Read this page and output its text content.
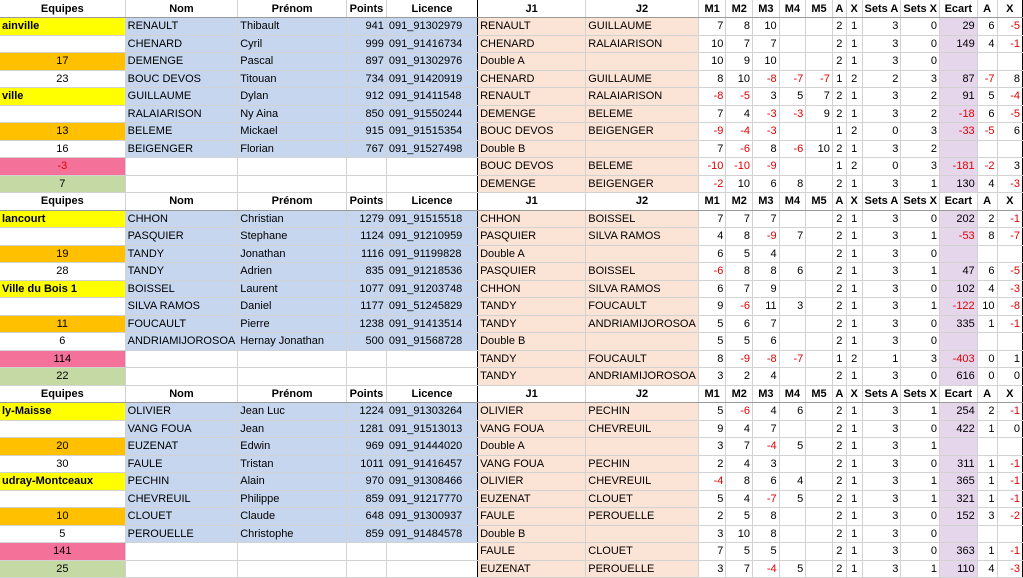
Equipes	Nom	Prénom	Points	Licence	J1	J2	M1	M2	M3	M4	M5	A	X	Sets A	Sets X	Ecart	A	X
ainville	RENAULT	Thibault	941	091_91302979	RENAULT	GUILLAUME	7	8	10			2	1	3	0	29	6	-5
	CHENARD	Cyril	999	091_91416734	CHENARD	RALAIARISON	10	7	7			2	1	3	0	149	4	-1
17	DEMENGE	Pascal	897	091_91302976	Double A		10	9	10			2	1	3	0			
23	BOUC DEVOS	Titouan	734	091_91420919	CHENARD	GUILLAUME	8	10	-8	-7	-7	1	2	2	3	87	-7	8
ville	GUILLAUME	Dylan	912	091_91411548	RENAULT	RALAIARISON	-8	-5	3	5	7	2	1	3	2	91	5	-4
	RALAIARISON	Ny Aina	850	091_91550244	DEMENGE	BELEME	7	4	-3	-3	9	2	1	3	2	-18	6	-5
13	BELEME	Mickael	915	091_91515354	BOUC DEVOS	BEIGENGER	-9	-4	-3			1	2	0	3	-33	-5	6
16	BEIGENGER	Florian	767	091_91527498	Double B		7	-6	8	-6	10	2	1	3	2			
-3					BOUC DEVOS	BELEME	-10	-10	-9			1	2	0	3	-181	-2	3
7					DEMENGE	BEIGENGER	-2	10	6	8		2	1	3	1	130	4	-3
Equipes	Nom	Prénom	Points	Licence	J1	J2	M1	M2	M3	M4	M5	A	X	Sets A	Sets X	Ecart	A	X
lancourt	CHHON	Christian	1279	091_91515518	CHHON	BOISSEL	7	7	7			2	1	3	0	202	2	-1
	PASQUIER	Stephane	1124	091_91210959	PASQUIER	SILVA RAMOS	4	8	-9	7		2	1	3	1	-53	8	-7
19	TANDY	Jonathan	1116	091_91199828	Double A		6	5	4			2	1	3	0			
28	TANDY	Adrien	835	091_91218536	PASQUIER	BOISSEL	-6	8	8	6		2	1	3	1	47	6	-5
Ville du Bois 1	BOISSEL	Laurent	1077	091_91203748	CHHON	SILVA RAMOS	6	7	9			2	1	3	0	102	4	-3
	SILVA RAMOS	Daniel	1177	091_51245829	TANDY	FOUCAULT	9	-6	11	3		2	1	3	1	-122	10	-8
11	FOUCAULT	Pierre	1238	091_91413514	TANDY	ANDRIAMIJOROSOA	5	6	7			2	1	3	0	335	1	-1
6	ANDRIAMIJOROSOA	Hernay Jonathan	500	091_91568728	Double B		5	5	6			2	1	3	0			
114					TANDY	FOUCAULT	8	-9	-8	-7		1	2	1	3	-403	0	1
22					TANDY	ANDRIAMIJOROSOA	3	2	4			2	1	3	0	616	0	0
Equipes	Nom	Prénom	Points	Licence	J1	J2	M1	M2	M3	M4	M5	A	X	Sets A	Sets X	Ecart	A	X
ly-Maisse	OLIVIER	Jean Luc	1224	091_91303264	OLIVIER	PECHIN	5	-6	4	6		2	1	3	1	254	2	-1
	VANG FOUA	Jean	1281	091_91513013	VANG FOUA	CHEVREUIL	9	4	7			2	1	3	0	422	1	0
20	EUZENAT	Edwin	969	091_91444020	Double A		3	7	-4	5		2	1	3	1			
30	FAULE	Tristan	1011	091_91416457	VANG FOUA	PECHIN	2	4	3			2	1	3	0	311	1	-1
udray-Montceaux	PECHIN	Alain	970	091_91308466	OLIVIER	CHEVREUIL	-4	8	6	4		2	1	3	1	365	1	-1
	CHEVREUIL	Philippe	859	091_91217770	EUZENAT	CLOUET	5	4	-7	5		2	1	3	1	321	1	-1
10	CLOUET	Claude	648	091_91300937	FAULE	PEROUELLE	2	5	8			2	1	3	0	152	3	-2
5	PEROUELLE	Christophe	859	091_91484578	Double B		3	10	8			2	1	3	0			
141					FAULE	CLOUET	7	5	5			2	1	3	0	363	1	-1
25					EUZENAT	PEROUELLE	3	7	-4	5		2	1	3	1	110	4	-3
